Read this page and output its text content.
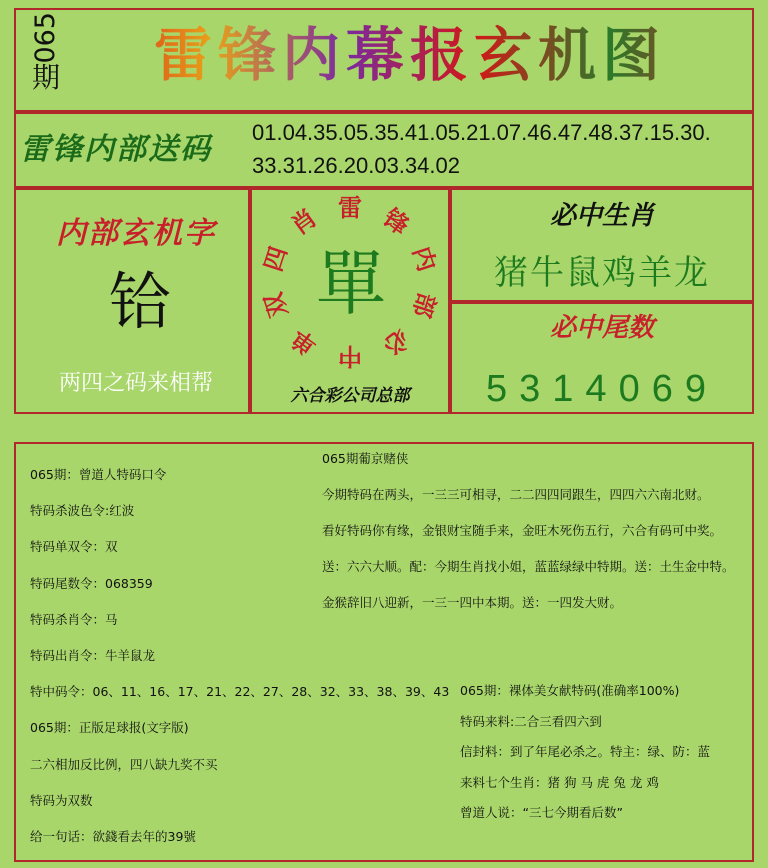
065
期	雷锋内幕报玄机图
雷锋内部送码	01.04.35.05.35.41.05.21.07.46.47.48.37.15.30.
33.31.26.20.03.34.02
内部玄机字
铪
两四之码来相帮
雷 锋
内
部
必
中
单
双
四
肖
單
六合彩公司总部
必中生肖
猪牛鼠鸡羊龙
必中尾数
5314069
065期：曾道人特码口令
特码杀波色令:红波
特码单双令：双
特码尾数令：068359
特码杀肖令：马
特码出肖令：牛羊鼠龙
特中码令：06、11、16、17、21、22、27、28、32、33、38、39、43
065期：正版足球报(文字版)
二六相加反比例，四八缺九奖不买
特码为双数
给一句话：欲錢看去年的39號
065期葡京赌侠
今期特码在两头，一三三可相寻，二二四四同跟生，四四六六南北财。
看好特码你有缘，金银财宝随手来，金旺木死伤五行，六合有码可中奖。
送：六六大顺。配：今期生肖找小姐，蓝蓝绿绿中特期。送：土生金中特。
金猴辞旧八迎新，一三一四中本期。送：一四发大财。
065期：裸体美女献特码(准确率100%)
特码来料:二合三看四六到
信封料：到了年尾必杀之。特主：绿、防：蓝
来料七个生肖：猪 狗 马 虎 兔 龙 鸡
曾道人说：“三七今期看后数”
